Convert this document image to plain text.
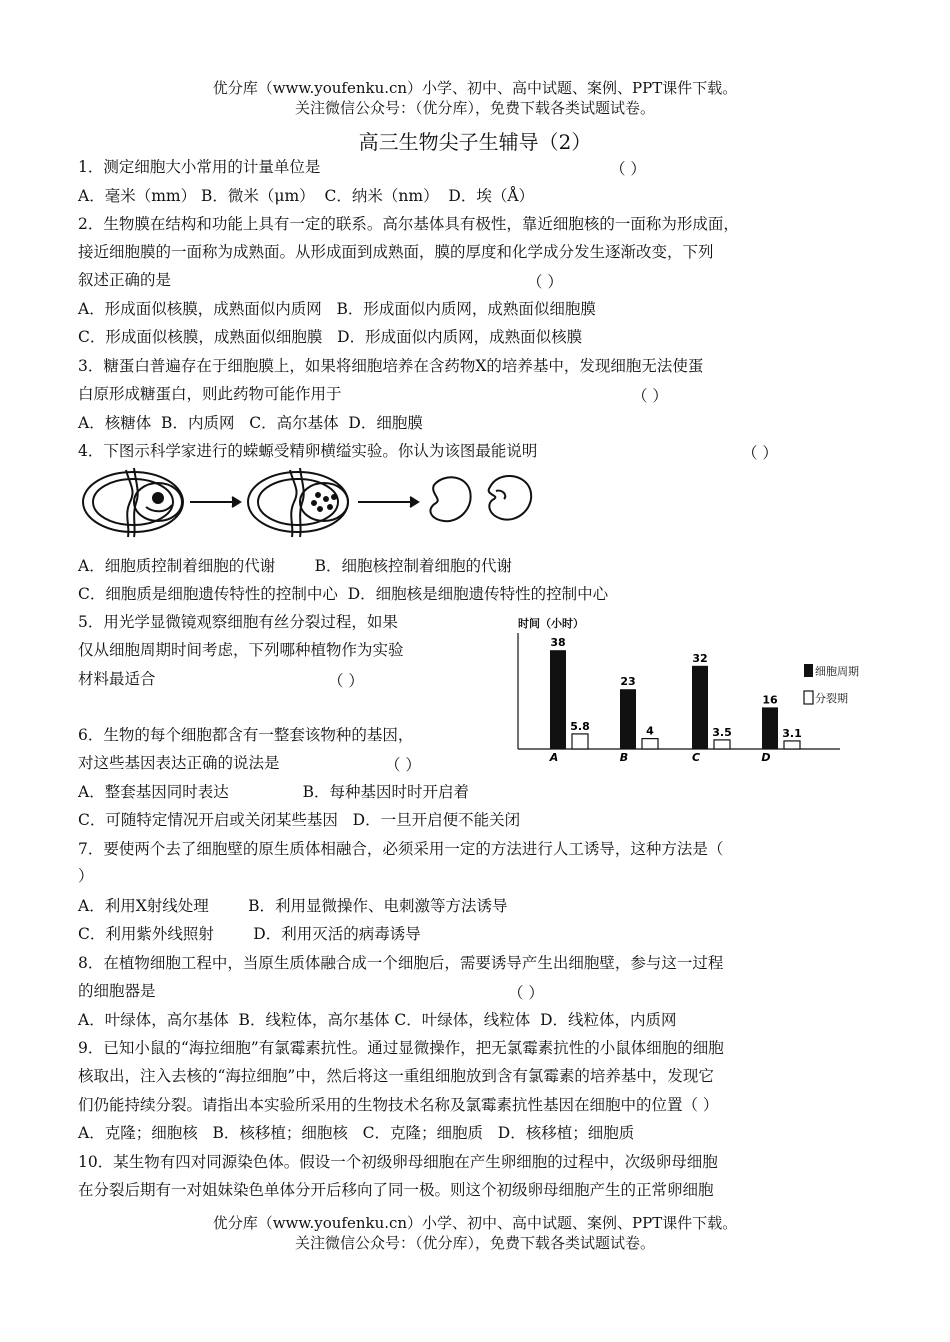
优分库（www.youfenku.cn）小学、初中、高中试题、案例、PPT课件下载。
关注微信公众号：（优分库），免费下载各类试题试卷。
高三生物尖子生辅导（2）
1．测定细胞大小常用的计量单位是	（ ）
A．毫米（mm） B．微米（μm）  C．纳米（nm）  D．埃（Å）
2．生物膜在结构和功能上具有一定的联系。高尔基体具有极性，靠近细胞核的一面称为形成面，
接近细胞膜的一面称为成熟面。从形成面到成熟面，膜的厚度和化学成分发生逐渐改变，下列
叙述正确的是	（ ）
A．形成面似核膜，成熟面似内质网   B．形成面似内质网，成熟面似细胞膜
C．形成面似核膜，成熟面似细胞膜   D．形成面似内质网，成熟面似核膜
3．糖蛋白普遍存在于细胞膜上，如果将细胞培养在含药物X的培养基中，发现细胞无法使蛋
白原形成糖蛋白，则此药物可能作用于	（ ）
A．核糖体  B．内质网   C．高尔基体  D．细胞膜
4．下图示科学家进行的蝾螈受精卵横缢实验。你认为该图最能说明	（ ）
A．细胞质控制着细胞的代谢        B．细胞核控制着细胞的代谢
C．细胞质是细胞遗传特性的控制中心  D．细胞核是细胞遗传特性的控制中心
5．用光学显微镜观察细胞有丝分裂过程，如果
仅从细胞周期时间考虑，下列哪种植物作为实验
材料最适合	（ ）
时间（小时）
38
5.8
A
23
4
B
32
3.5
C
16
3.1
D
细胞周期
分裂期
6．生物的每个细胞都含有一整套该物种的基因，
对这些基因表达正确的说法是	（ ）
A．整套基因同时表达               B．每种基因时时开启着
C．可随特定情况开启或关闭某些基因   D．一旦开启便不能关闭
7．要使两个去了细胞壁的原生质体相融合，必须采用一定的方法进行人工诱导，这种方法是（
）
A．利用X射线处理        B．利用显微操作、电刺激等方法诱导
C．利用紫外线照射        D．利用灭活的病毒诱导
8．在植物细胞工程中，当原生质体融合成一个细胞后，需要诱导产生出细胞壁，参与这一过程
的细胞器是	（ ）
A．叶绿体，高尔基体  B．线粒体，高尔基体 C．叶绿体，线粒体  D．线粒体，内质网
9．已知小鼠的“海拉细胞”有氯霉素抗性。通过显微操作，把无氯霉素抗性的小鼠体细胞的细胞
核取出，注入去核的“海拉细胞”中，然后将这一重组细胞放到含有氯霉素的培养基中，发现它
们仍能持续分裂。请指出本实验所采用的生物技术名称及氯霉素抗性基因在细胞中的位置（ ）
A．克隆；细胞核   B．核移植；细胞核   C．克隆；细胞质   D．核移植；细胞质
10．某生物有四对同源染色体。假设一个初级卵母细胞在产生卵细胞的过程中，次级卵母细胞
在分裂后期有一对姐妹染色单体分开后移向了同一极。则这个初级卵母细胞产生的正常卵细胞
优分库（www.youfenku.cn）小学、初中、高中试题、案例、PPT课件下载。
关注微信公众号：（优分库），免费下载各类试题试卷。
